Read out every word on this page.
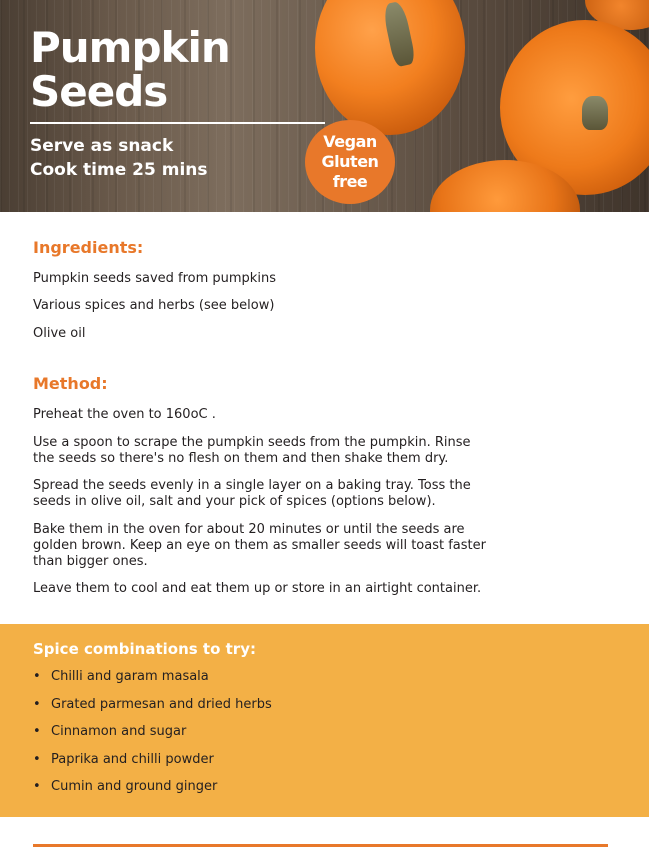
Pumpkin
Seeds
Serve as snack
Cook time 25 mins
Vegan
Gluten
free
Ingredients:

Pumpkin seeds saved from pumpkins

Various spices and herbs (see below)

Olive oil

Method:

Preheat the oven to 160oC .

Use a spoon to scrape the pumpkin seeds from the pumpkin. Rinse

the seeds so there's no flesh on them and then shake them dry.

Spread the seeds evenly in a single layer on a baking tray. Toss the

seeds in olive oil, salt and your pick of spices (options below).

Bake them in the oven for about 20 minutes or until the seeds are

golden brown. Keep an eye on them as smaller seeds will toast faster

than bigger ones.

Leave them to cool and eat them up or store in an airtight container.

Spice combinations to try:
• Chilli and garam masala
• Grated parmesan and dried herbs
• Cinnamon and sugar
• Paprika and chilli powder
• Cumin and ground ginger
